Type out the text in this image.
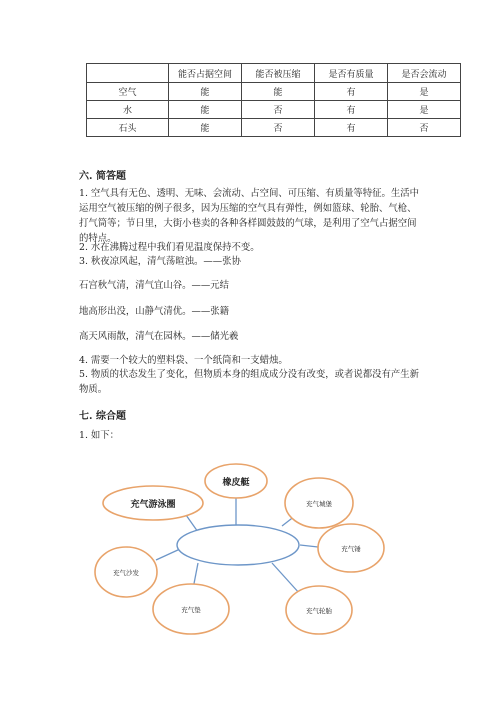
	能否占据空间	能否被压缩	是否有质量	是否会流动
空气	能	能	有	是
水	能	否	有	是
石头	能	否	有	否
六. 简答题
1. 空气具有无色、透明、无味、会流动、占空间、可压缩、有质量等特征。生活中运用空气被压缩的例子很多，因为压缩的空气具有弹性，例如篮球、轮胎、气枪、打气筒等；节日里，大街小巷卖的各种各样圆鼓鼓的气球，是利用了空气占据空间的特点。
2. 水在沸腾过程中我们看见温度保持不变。
3. 秋夜凉风起，清气荡暄浊。——张协
石宫秋气清，清气宜山谷。——元结
地高形出没，山静气清优。——张籍
高天风雨散，清气在园林。——储光羲
4. 需要一个较大的塑料袋、一个纸筒和一支蜡烛。
5. 物质的状态发生了变化，但物质本身的组成成分没有改变，或者说都没有产生新物质。
七. 综合题
1. 如下：
橡皮艇
充气游泳圈	充气城堡
充气锤
充气轮胎
充气垫
充气沙发
